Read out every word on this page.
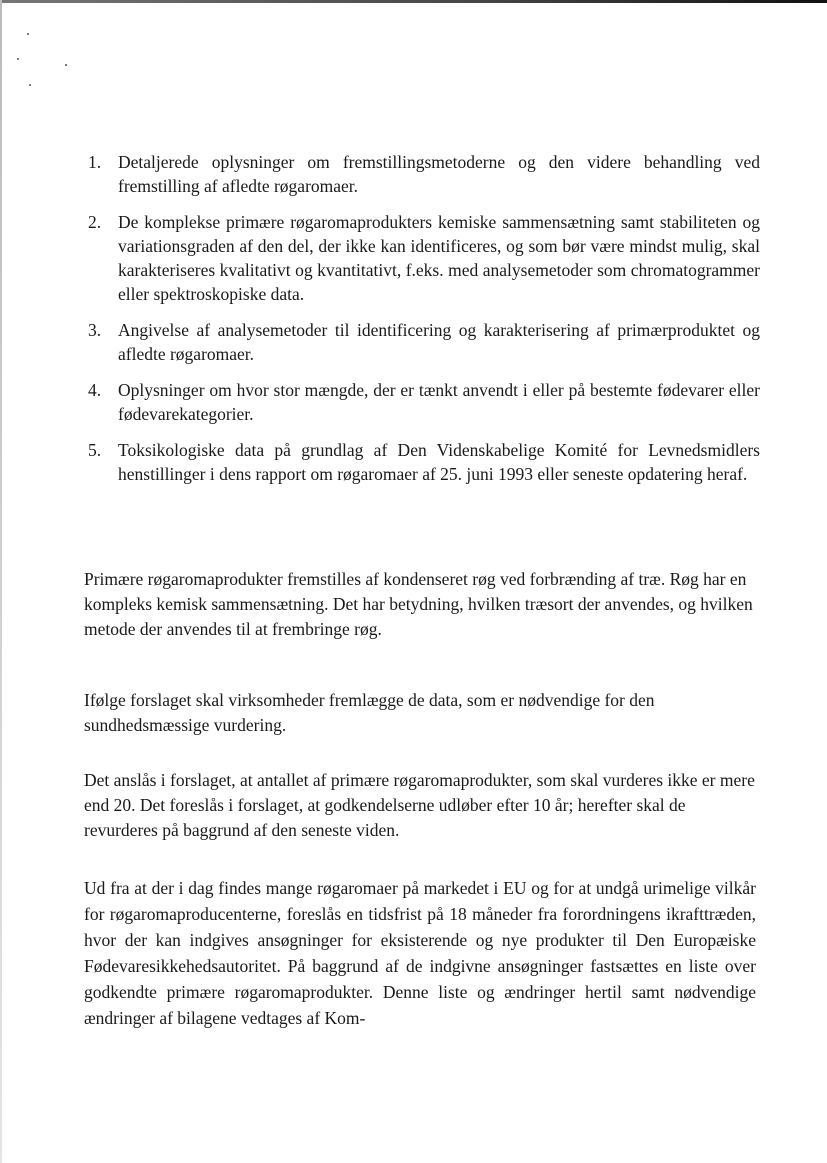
1. Detaljerede oplysninger om fremstillingsmetoderne og den videre behandling ved fremstilling af afledte røgaromaer.
2. De komplekse primære røgaromaprodukters kemiske sammensætning samt stabiliteten og variationsgraden af den del, der ikke kan identificeres, og som bør være mindst mulig, skal karakteriseres kvalitativt og kvantitativt, f.eks. med analysemetoder som chromatogrammer eller spektroskopiske data.
3. Angivelse af analysemetoder til identificering og karakterisering af primærproduktet og afledte røgaromaer.
4. Oplysninger om hvor stor mængde, der er tænkt anvendt i eller på bestemte fødevarer eller fødevarekategorier.
5. Toksikologiske data på grundlag af Den Videnskabelige Komité for Levnedsmidlers henstillinger i dens rapport om røgaromaer af 25. juni 1993 eller seneste opdatering heraf.

Primære røgaromaprodukter fremstilles af kondenseret røg ved forbrænding af træ. Røg har en kompleks kemisk sammensætning. Det har betydning, hvilken træsort der anvendes, og hvilken metode der anvendes til at frembringe røg.

Ifølge forslaget skal virksomheder fremlægge de data, som er nødvendige for den sundhedsmæssige vurdering.

Det anslås i forslaget, at antallet af primære røgaromaprodukter, som skal vurderes ikke er mere end 20. Det foreslås i forslaget, at godkendelserne udløber efter 10 år; herefter skal de revurderes på baggrund af den seneste viden.

Ud fra at der i dag findes mange røgaromaer på markedet i EU og for at undgå urimelige vilkår for røgaromaproducenterne, foreslås en tidsfrist på 18 måneder fra forordningens ikrafttræden, hvor der kan indgives ansøgninger for eksisterende og nye produkter til Den Europæiske Fødevaresikkehedsautoritet. På baggrund af de indgivne ansøgninger fastsættes en liste over godkendte primære røgaromaprodukter. Denne liste og ændringer hertil samt nødvendige ændringer af bilagene vedtages af Kom-
